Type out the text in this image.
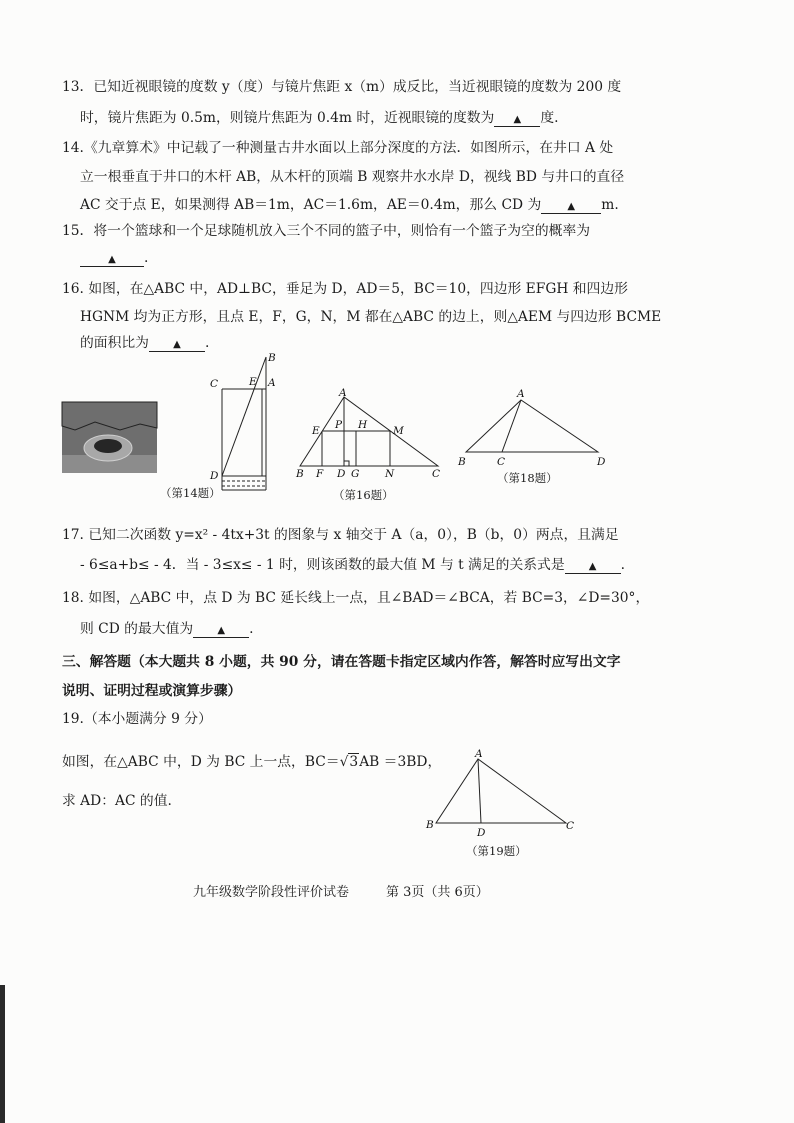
13．已知近视眼镜的度数 y（度）与镜片焦距 x（m）成反比，当近视眼镜的度数为 200 度
时，镜片焦距为 0.5m，则镜片焦距为 0.4m 时，近视眼镜的度数为 ▲ 度.
14.《九章算术》中记载了一种测量古井水面以上部分深度的方法．如图所示，在井口 A 处
立一根垂直于井口的木杆 AB，从木杆的顶端 B 观察井水水岸 D，视线 BD 与井口的直径
AC 交于点 E，如果测得 AB＝1m，AC＝1.6m，AE＝0.4m，那么 CD 为	▲ m.
15．将一个篮球和一个足球随机放入三个不同的篮子中，则恰有一个篮子为空的概率为
▲ .
16. 如图，在△ABC 中，AD⊥BC，垂足为 D，AD＝5，BC＝10，四边形 EFGH 和四边形
HGNM 均为正方形，且点 E，F，G，N，M 都在△ABC 的边上，则△AEM 与四边形 BCME
的面积比为 ▲ .
（第14题）	（第16题）
（第18题）
17. 已知二次函数 y=x² - 4tx+3t 的图象与 x 轴交于 A（a，0），B（b，0）两点，且满足
- 6≤a+b≤ - 4．当 - 3≤x≤ - 1 时，则该函数的最大值 M 与 t 满足的关系式是 ▲ .
18. 如图，△ABC 中，点 D 为 BC 延长线上一点，且∠BAD＝∠BCA，若 BC=3，∠D=30°，
则 CD 的最大值为 ▲ .
三、解答题（本大题共 8 小题，共 90 分，请在答题卡指定区域内作答，解答时应写出文字
说明、证明过程或演算步骤）
19.（本小题满分 9 分）
如图，在△ABC 中，D 为 BC 上一点，BC＝√3AB ＝3BD，
求 AD：AC 的值.
（第19题）
九年级数学阶段性评价试卷	第 3页（共 6页）
B
C	E A
D
A
E P H M
B F D G N	C
A
B	C	D
A
B
D
C
